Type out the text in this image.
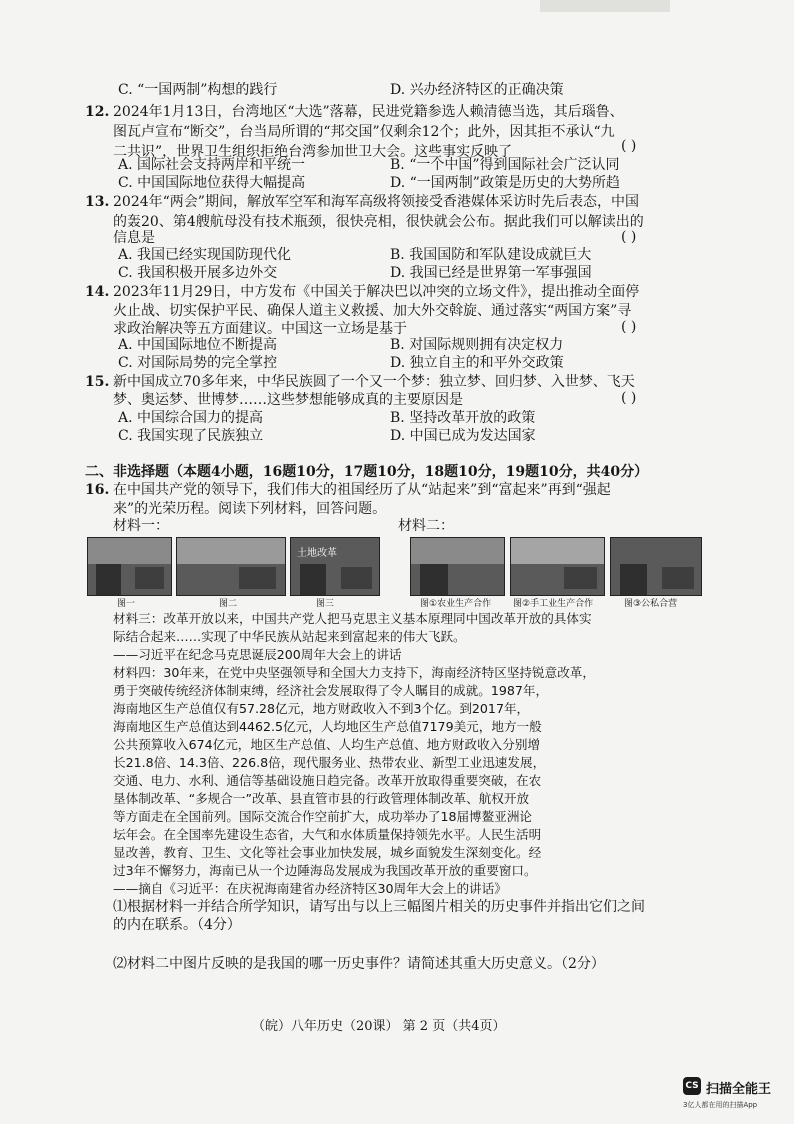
C. “一国两制”构想的践行	D. 兴办经济特区的正确决策
12. 2024年1月13日，台湾地区“大选”落幕，民进党籍参选人赖清德当选，其后瑙鲁、
图瓦卢宣布“断交”，台当局所谓的“邦交国”仅剩余12个；此外，因其拒不承认“九
二共识”，世界卫生组织拒绝台湾参加世卫大会。这些事实反映了	( )
A. 国际社会支持两岸和平统一	B. “一个中国”得到国际社会广泛认同
C. 中国国际地位获得大幅提高	D. “一国两制”政策是历史的大势所趋
13. 2024年“两会”期间，解放军空军和海军高级将领接受香港媒体采访时先后表态，中国
的轰20、第4艘航母没有技术瓶颈，很快亮相，很快就会公布。据此我们可以解读出的
信息是	( )
A. 我国已经实现国防现代化	B. 我国国防和军队建设成就巨大
C. 我国积极开展多边外交	D. 我国已经是世界第一军事强国
14. 2023年11月29日，中方发布《中国关于解决巴以冲突的立场文件》，提出推动全面停
火止战、切实保护平民、确保人道主义救援、加大外交斡旋、通过落实“两国方案”寻
求政治解决等五方面建议。中国这一立场是基于	( )
A. 中国国际地位不断提高	B. 对国际规则拥有决定权力
C. 对国际局势的完全掌控	D. 独立自主的和平外交政策
15. 新中国成立70多年来，中华民族圆了一个又一个梦：独立梦、回归梦、入世梦、飞天
梦、奥运梦、世博梦……这些梦想能够成真的主要原因是	( )
A. 中国综合国力的提高	B. 坚持改革开放的政策
C. 我国实现了民族独立	D. 中国已成为发达国家
二、非选择题（本题4小题，16题10分，17题10分，18题10分，19题10分，共40分）
16. 在中国共产党的领导下，我们伟大的祖国经历了从“站起来”到“富起来”再到“强起
来”的光荣历程。阅读下列材料，回答问题。
材料一：	材料二：
土地改革
图一	图二	图三	图①农业生产合作 图②手工业生产合作	图③公私合营
材料三：改革开放以来，中国共产党人把马克思主义基本原理同中国改革开放的具体实
际结合起来……实现了中华民族从站起来到富起来的伟大飞跃。
——习近平在纪念马克思诞辰200周年大会上的讲话
材料四：30年来，在党中央坚强领导和全国大力支持下，海南经济特区坚持锐意改革，
勇于突破传统经济体制束缚，经济社会发展取得了令人瞩目的成就。1987年，
海南地区生产总值仅有57.28亿元，地方财政收入不到3个亿。到2017年，
海南地区生产总值达到4462.5亿元，人均地区生产总值7179美元，地方一般
公共预算收入674亿元，地区生产总值、人均生产总值、地方财政收入分别增
长21.8倍、14.3倍、226.8倍，现代服务业、热带农业、新型工业迅速发展，
交通、电力、水利、通信等基础设施日趋完备。改革开放取得重要突破，在农
垦体制改革、“多规合一”改革、县直管市县的行政管理体制改革、航权开放
等方面走在全国前列。国际交流合作空前扩大，成功举办了18届博鳌亚洲论
坛年会。在全国率先建设生态省，大气和水体质量保持领先水平。人民生活明
显改善，教育、卫生、文化等社会事业加快发展，城乡面貌发生深刻变化。经
过3年不懈努力，海南已从一个边陲海岛发展成为我国改革开放的重要窗口。
——摘自《习近平：在庆祝海南建省办经济特区30周年大会上的讲话》
⑴根据材料一并结合所学知识，请写出与以上三幅图片相关的历史事件并指出它们之间
的内在联系。（4分）
⑵材料二中图片反映的是我国的哪一历史事件？请简述其重大历史意义。（2分）
（皖）八年历史（20课） 第 2 页（共4页）
CS 扫描全能王
3亿人都在用的扫描App
